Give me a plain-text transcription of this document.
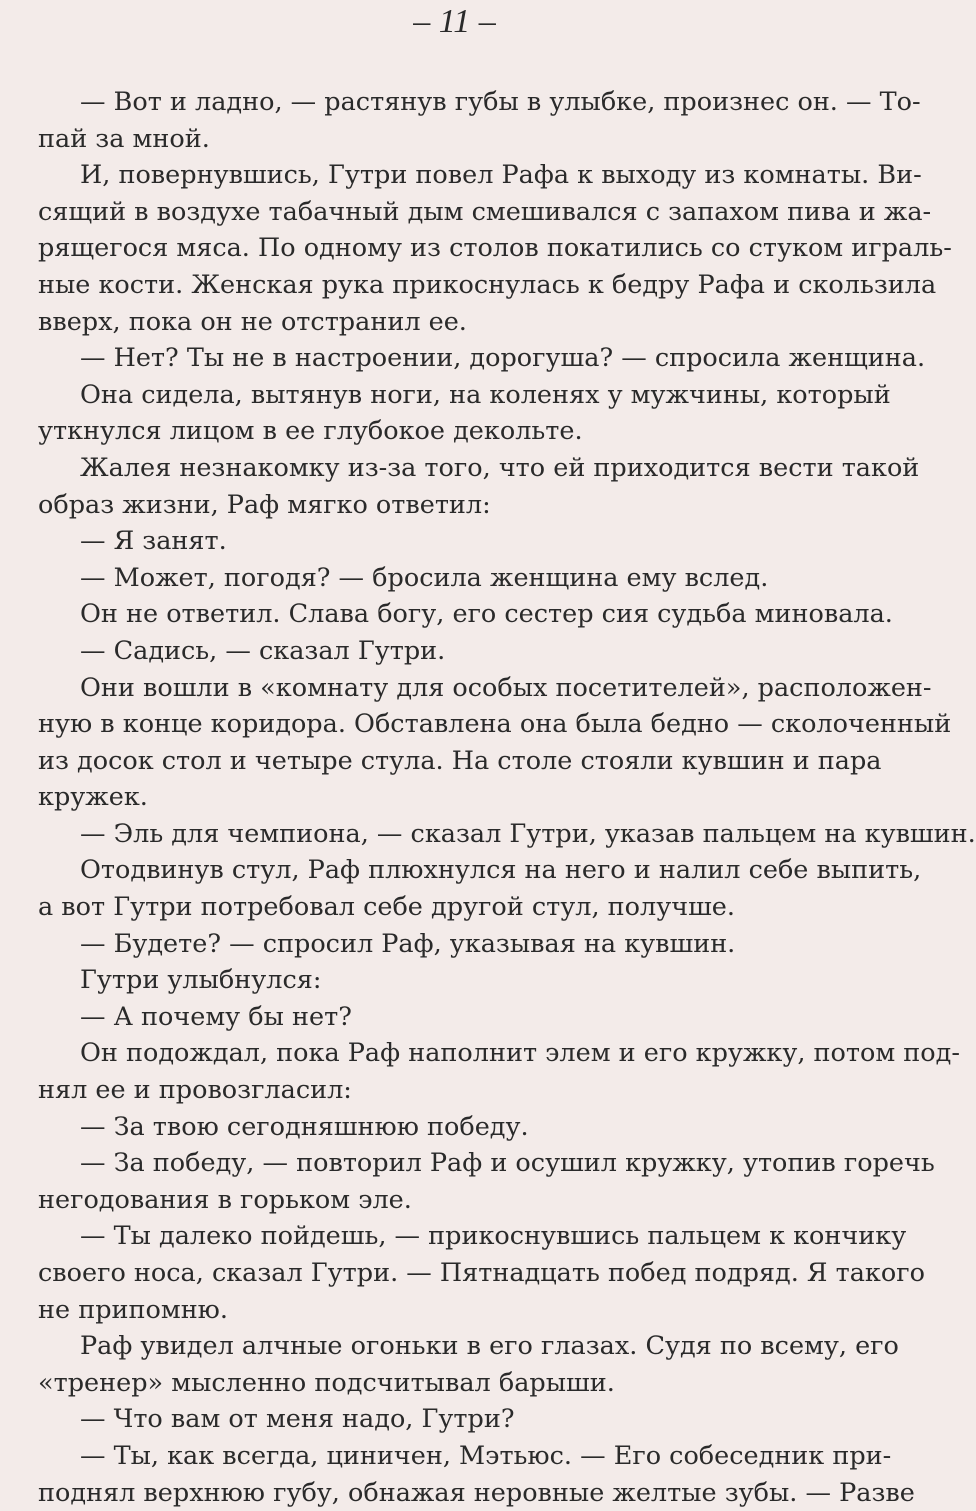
– 11 –
— Вот и ладно, — растянув губы в улыбке, произнес он. — То-
пай за мной.
И, повернувшись, Гутри повел Рафа к выходу из комнаты. Ви-
сящий в воздухе табачный дым смешивался с запахом пива и жа-
рящегося мяса. По одному из столов покатились со стуком играль-
ные кости. Женская рука прикоснулась к бедру Рафа и скользила
вверх, пока он не отстранил ее.
— Нет? Ты не в настроении, дорогуша? — спросила женщина.
Она сидела, вытянув ноги, на коленях у мужчины, который
уткнулся лицом в ее глубокое декольте.
Жалея незнакомку из-за того, что ей приходится вести такой
образ жизни, Раф мягко ответил:
— Я занят.
— Может, погодя? — бросила женщина ему вслед.
Он не ответил. Слава богу, его сестер сия судьба миновала.
— Садись, — сказал Гутри.
Они вошли в «комнату для особых посетителей», расположен-
ную в конце коридора. Обставлена она была бедно — сколоченный
из досок стол и четыре стула. На столе стояли кувшин и пара
кружек.
— Эль для чемпиона, — сказал Гутри, указав пальцем на кувшин.
Отодвинув стул, Раф плюхнулся на него и налил себе выпить,
а вот Гутри потребовал себе другой стул, получше.
— Будете? — спросил Раф, указывая на кувшин.
Гутри улыбнулся:
— А почему бы нет?
Он подождал, пока Раф наполнит элем и его кружку, потом под-
нял ее и провозгласил:
— За твою сегодняшнюю победу.
— За победу, — повторил Раф и осушил кружку, утопив горечь
негодования в горьком эле.
— Ты далеко пойдешь, — прикоснувшись пальцем к кончику
своего носа, сказал Гутри. — Пятнадцать побед подряд. Я такого
не припомню.
Раф увидел алчные огоньки в его глазах. Судя по всему, его
«тренер» мысленно подсчитывал барыши.
— Что вам от меня надо, Гутри?
— Ты, как всегда, циничен, Мэтьюс. — Его собеседник при-
поднял верхнюю губу, обнажая неровные желтые зубы. — Разве
